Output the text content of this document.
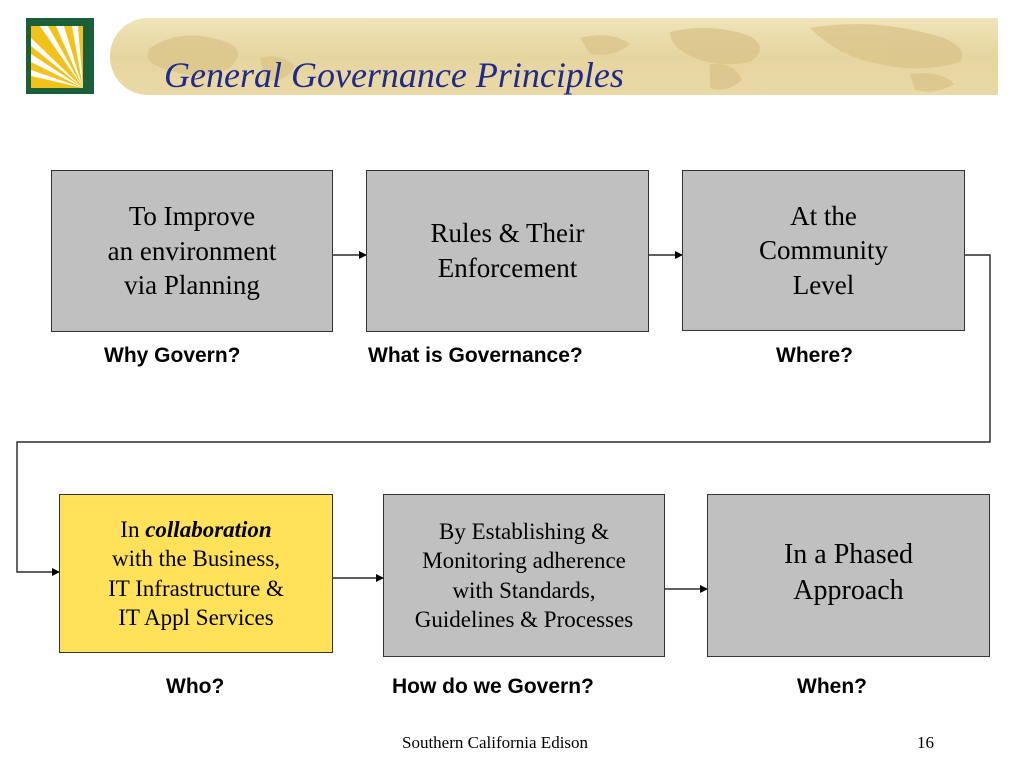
General Governance Principles
To Improve
an environment
via Planning
Rules & Their
Enforcement
At the
Community
Level
Why Govern?	What is Governance?	Where?
In collaboration
with the Business,
IT Infrastructure &
IT Appl Services
By Establishing &
Monitoring adherence
with Standards,
Guidelines & Processes
In a Phased
Approach
Who?	How do we Govern?	When?
Southern California Edison	16
